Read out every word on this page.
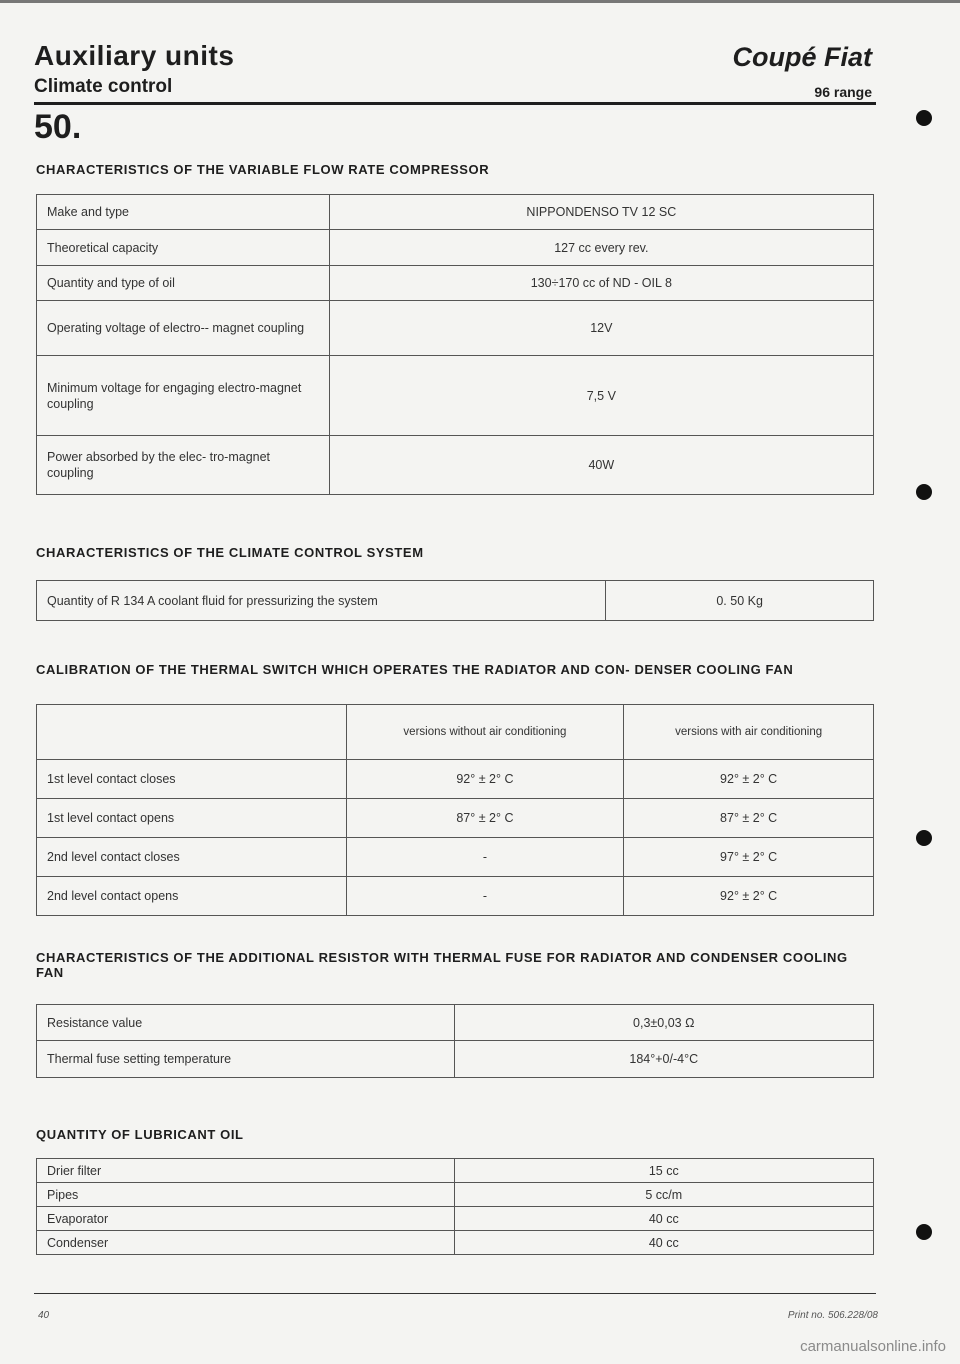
Auxiliary units
Climate control
Coupé Fiat
96 range
50.
CHARACTERISTICS OF THE VARIABLE FLOW RATE COMPRESSOR
Make and type	NIPPONDENSO TV 12 SC
Theoretical capacity	127 cc every rev.
Quantity and type of oil	130÷170 cc of ND - OIL 8
Operating voltage of electro-- magnet coupling	12V
Minimum voltage for engaging electro-magnet coupling	7,5 V
Power absorbed by the elec- tro-magnet coupling	40W
CHARACTERISTICS OF THE CLIMATE CONTROL SYSTEM
Quantity of R 134 A coolant fluid for pressurizing the system	0. 50 Kg
CALIBRATION OF THE THERMAL SWITCH WHICH OPERATES THE RADIATOR AND CON- DENSER COOLING FAN
	versions without air conditioning	versions with air conditioning
1st level contact closes	92° ± 2° C	92° ± 2° C
1st level contact opens	87° ± 2° C	87° ± 2° C
2nd level contact closes	-	97° ± 2° C
2nd level contact opens	-	92° ± 2° C
CHARACTERISTICS OF THE ADDITIONAL RESISTOR WITH THERMAL FUSE FOR RADIATOR AND CONDENSER COOLING FAN
Resistance value	0,3±0,03 Ω
Thermal fuse setting temperature	184°+0/-4°C
QUANTITY OF LUBRICANT OIL
Drier filter	15 cc
Pipes	5 cc/m
Evaporator	40 cc
Condenser	40 cc
40	Print no. 506.228/08
carmanualsonline.info
